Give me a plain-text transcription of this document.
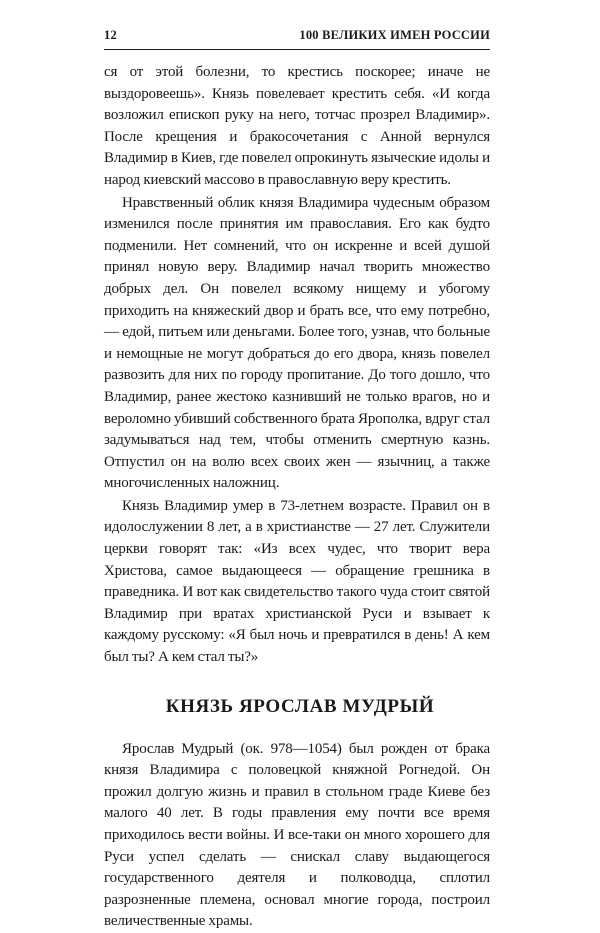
12	100 ВЕЛИКИХ ИМЕН РОССИИ

ся от этой болезни, то крестись поскорее; иначе не выздоровеешь». Князь повелевает крестить себя. «И когда возложил епископ руку на него, тотчас прозрел Владимир». После крещения и бракосочетания с Анной вернулся Владимир в Киев, где повелел опрокинуть языческие идолы и народ киевский массово в православную веру крестить.

Нравственный облик князя Владимира чудесным образом изменился после принятия им православия. Его как будто подменили. Нет сомнений, что он искренне и всей душой принял новую веру. Владимир начал творить множество добрых дел. Он повелел всякому нищему и убогому приходить на княжеский двор и брать все, что ему потребно, — едой, питьем или деньгами. Более того, узнав, что больные и немощные не могут добраться до его двора, князь повелел развозить для них по городу пропитание. До того дошло, что Владимир, ранее жестоко казнивший не только врагов, но и вероломно убивший собственного брата Ярополка, вдруг стал задумываться над тем, чтобы отменить смертную казнь. Отпустил он на волю всех своих жен — язычниц, а также многочисленных наложниц.

Князь Владимир умер в 73-летнем возрасте. Правил он в идолослужении 8 лет, а в христианстве — 27 лет. Служители церкви говорят так: «Из всех чудес, что творит вера Христова, самое выдающееся — обращение грешника в праведника. И вот как свидетельство такого чуда стоит святой Владимир при вратах христианской Руси и взывает к каждому русскому: «Я был ночь и превратился в день! А кем был ты? А кем стал ты?»

КНЯЗЬ ЯРОСЛАВ МУДРЫЙ

Ярослав Мудрый (ок. 978—1054) был рожден от брака князя Владимира с половецкой княжной Рогнедой. Он прожил долгую жизнь и правил в стольном граде Киеве без малого 40 лет. В годы правления ему почти все время приходилось вести войны. И все-таки он много хорошего для Руси успел сделать — снискал славу выдающегося государственного деятеля и полководца, сплотил разрозненные племена, основал многие города, построил величественные храмы.
